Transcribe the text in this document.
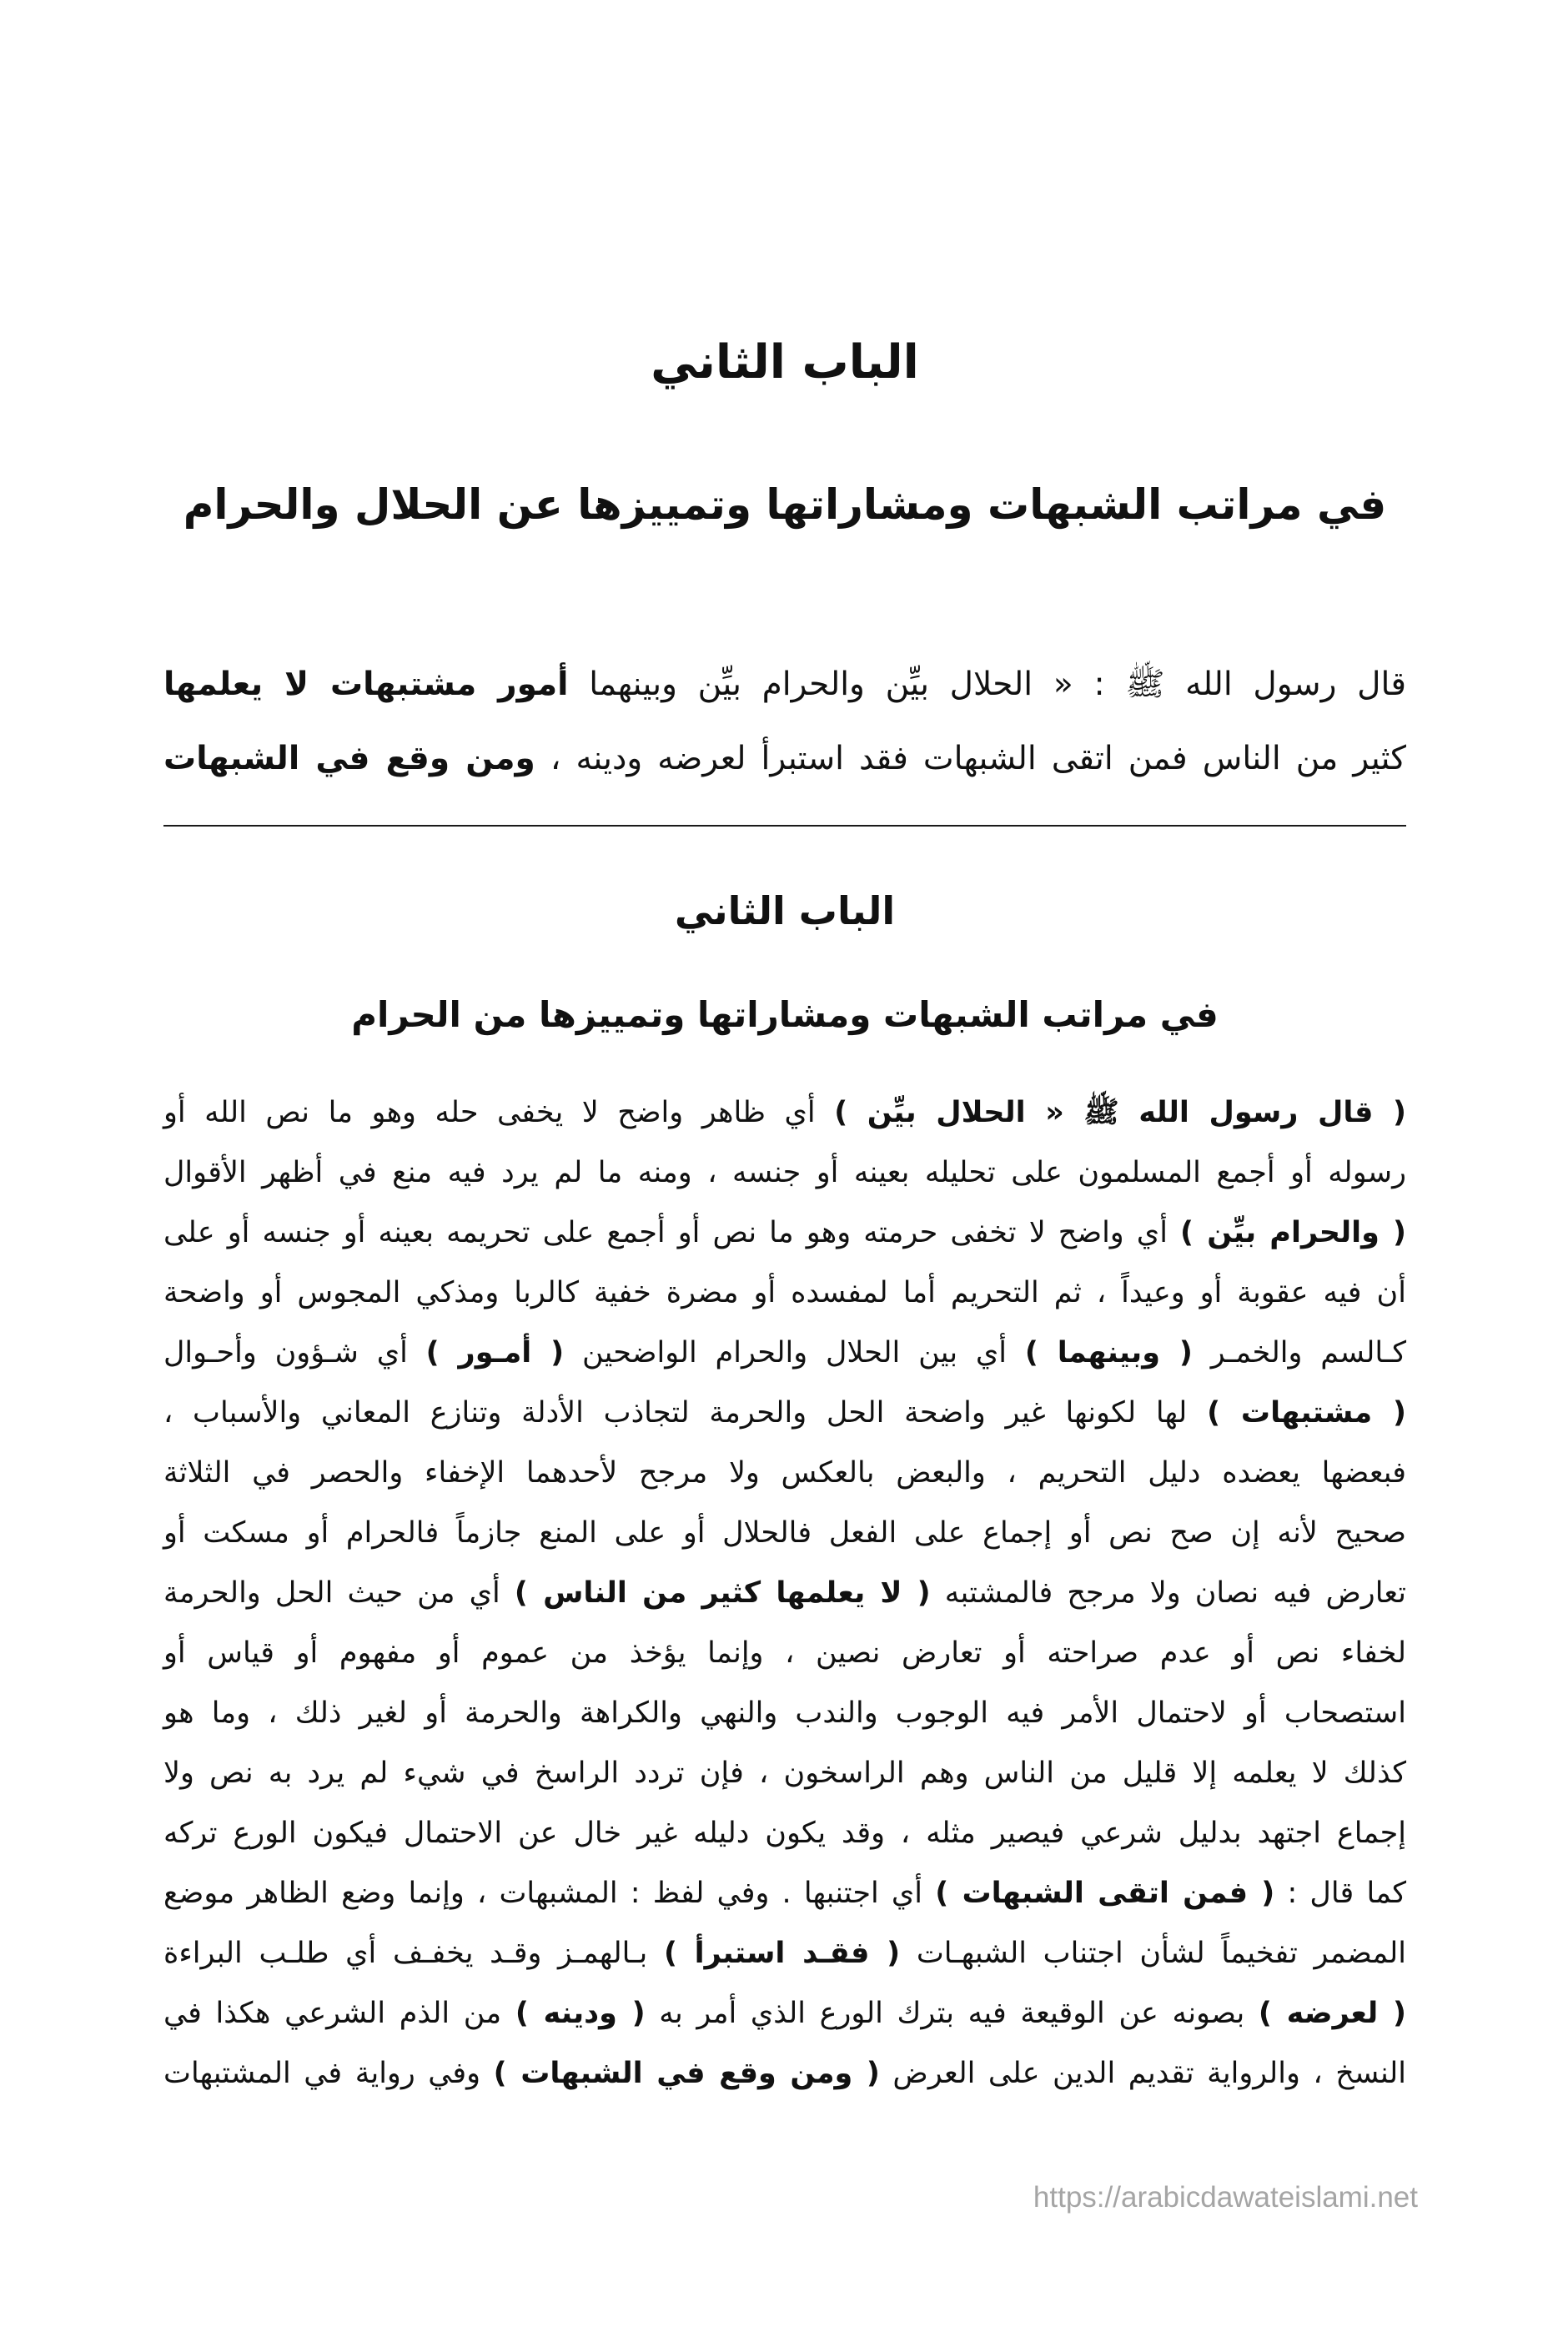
الباب الثاني
في مراتب الشبهات ومشاراتها وتمييزها عن الحلال والحرام
قال رسول الله ﷺ : « الحلال بيِّن والحرام بيِّن وبينهما أمور مشتبهات لا يعلمها
كثير من الناس فمن اتقى الشبهات فقد استبرأ لعرضه ودينه ، ومن وقع في الشبهات
الباب الثاني
في مراتب الشبهات ومشاراتها وتمييزها من الحرام
( قال رسول الله ﷺ « الحلال بيِّن ) أي ظاهر واضح لا يخفى حله وهو ما نص الله أو
رسوله أو أجمع المسلمون على تحليله بعينه أو جنسه ، ومنه ما لم يرد فيه منع في أظهر الأقوال
( والحرام بيِّن ) أي واضح لا تخفى حرمته وهو ما نص أو أجمع على تحريمه بعينه أو جنسه أو على
أن فيه عقوبة أو وعيداً ، ثم التحريم أما لمفسده أو مضرة خفية كالربا ومذكي المجوس أو واضحة
كـالسم والخمـر ( وبينهما ) أي بين الحلال والحرام الواضحين ( أمـور ) أي شـؤون وأحـوال
( مشتبهات ) لها لكونها غير واضحة الحل والحرمة لتجاذب الأدلة وتنازع المعاني والأسباب ،
فبعضها يعضده دليل التحريم ، والبعض بالعكس ولا مرجح لأحدهما الإخفاء والحصر في الثلاثة
صحيح لأنه إن صح نص أو إجماع على الفعل فالحلال أو على المنع جازماً فالحرام أو مسكت أو
تعارض فيه نصان ولا مرجح فالمشتبه ( لا يعلمها كثير من الناس ) أي من حيث الحل والحرمة
لخفاء نص أو عدم صراحته أو تعارض نصين ، وإنما يؤخذ من عموم أو مفهوم أو قياس أو
استصحاب أو لاحتمال الأمر فيه الوجوب والندب والنهي والكراهة والحرمة أو لغير ذلك ، وما هو
كذلك لا يعلمه إلا قليل من الناس وهم الراسخون ، فإن تردد الراسخ في شيء لم يرد به نص ولا
إجماع اجتهد بدليل شرعي فيصير مثله ، وقد يكون دليله غير خال عن الاحتمال فيكون الورع تركه
كما قال : ( فمن اتقى الشبهات ) أي اجتنبها . وفي لفظ : المشبهات ، وإنما وضع الظاهر موضع
المضمر تفخيماً لشأن اجتناب الشبهـات ( فقـد استبرأ ) بـالهمـز وقـد يخفـف أي طلـب البراءة
( لعرضه ) بصونه عن الوقيعة فيه بترك الورع الذي أمر به ( ودينه ) من الذم الشرعي هكذا في
النسخ ، والرواية تقديم الدين على العرض ( ومن وقع في الشبهات ) وفي رواية في المشتبهات
https://arabicdawateislami.net
